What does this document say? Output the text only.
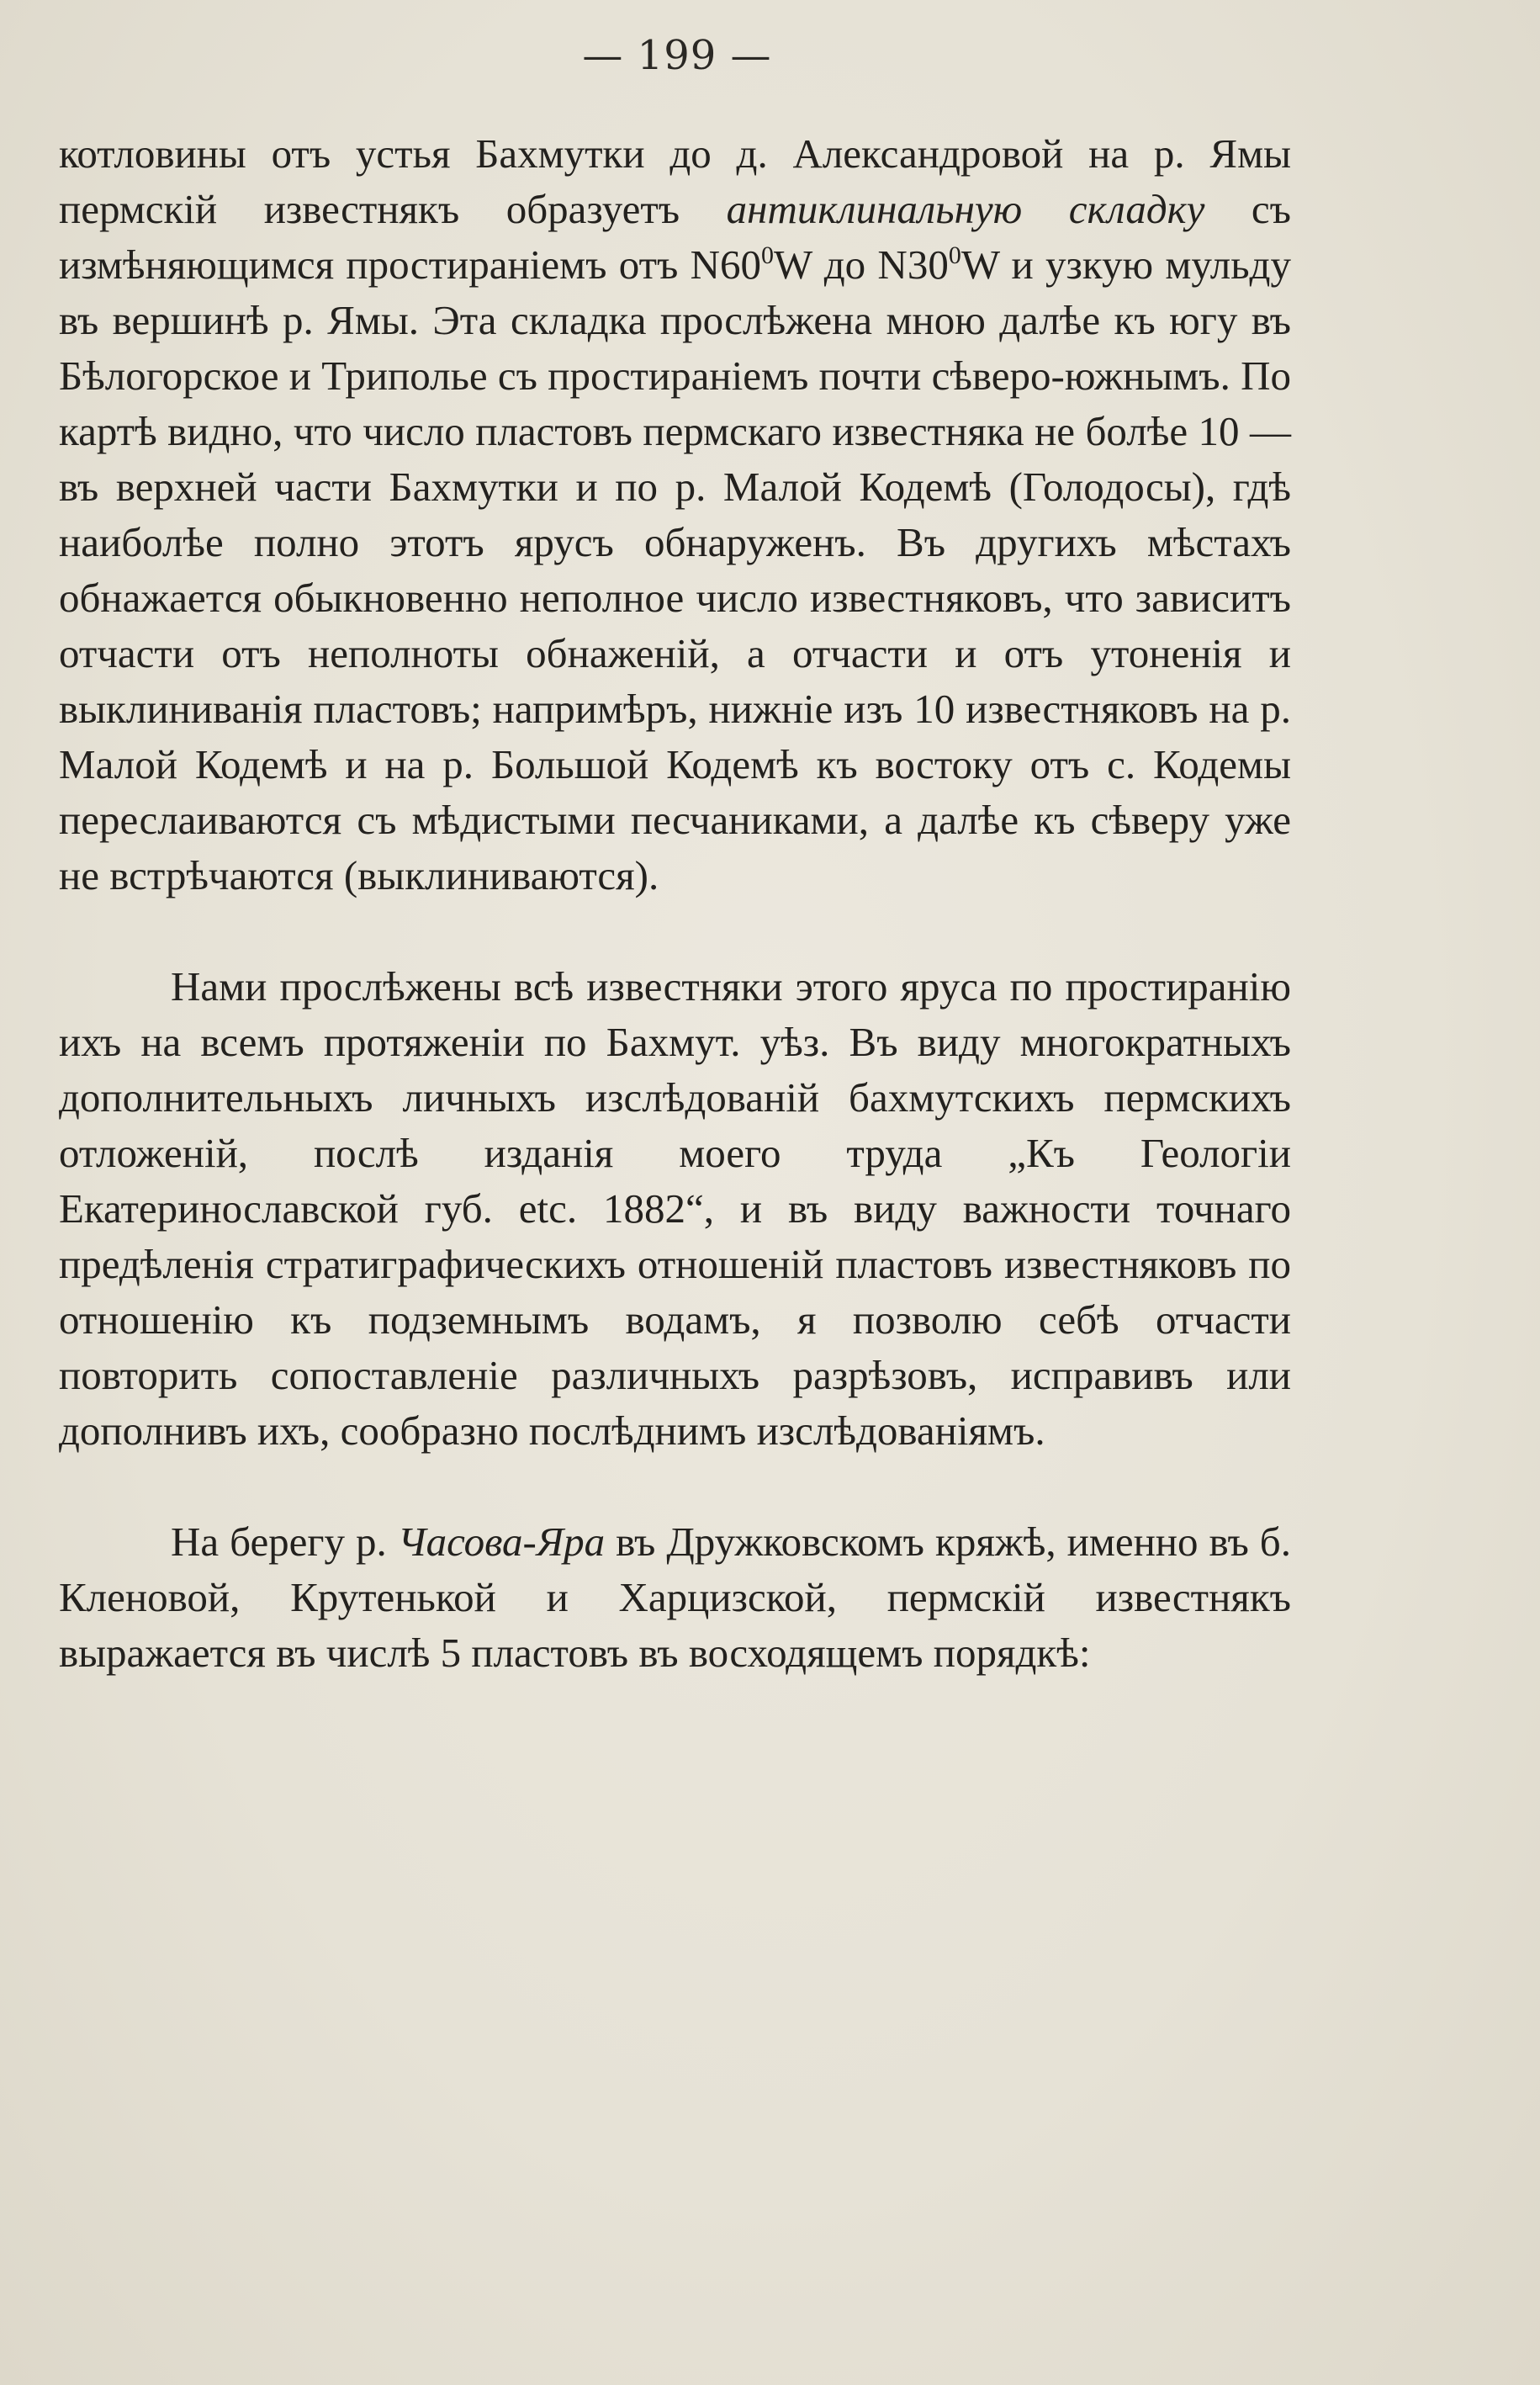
— 199 —

котловины отъ устья Бахмутки до д. Александровой на р. Ямы пермскій известнякъ образуетъ антиклинальную складку съ измѣняющимся простираніемъ отъ $N60^0W$ до $N30^0W$ и узкую мульду въ вершинѣ р. Ямы. Эта складка прослѣжена мною далѣе къ югу въ Бѣлогорское и Триполье съ простираніемъ почти сѣверо-южнымъ. По картѣ видно, что число пластовъ пермскаго известняка не болѣе 10 — въ верхней части Бахмутки и по р. Малой Кодемѣ (Голодосы), гдѣ наиболѣе полно этотъ ярусъ обнаруженъ. Въ другихъ мѣстахъ обнажается обыкновенно неполное число известняковъ, что зависитъ отчасти отъ неполноты обнаженій, а отчасти и отъ утоненія и выклиниванія пластовъ; напримѣръ, нижніе изъ 10 известняковъ на р. Малой Кодемѣ и на р. Большой Кодемѣ къ востоку отъ с. Кодемы переслаиваются съ мѣдистыми песчаниками, а далѣе къ сѣверу уже не встрѣчаются (выклиниваются).

Нами прослѣжены всѣ известняки этого яруса по простиранію ихъ на всемъ протяженіи по Бахмут. уѣз. Въ виду многократныхъ дополнительныхъ личныхъ изслѣдованій бахмутскихъ пермскихъ отложеній, послѣ изданія моего труда „Къ Геологіи Екатеринославской губ. etc. 1882“, и въ виду важности точнаго предѣленія стратиграфическихъ отношеній пластовъ известняковъ по отношенію къ подземнымъ водамъ, я позволю себѣ отчасти повторить сопоставленіе различныхъ разрѣзовъ, исправивъ или дополнивъ ихъ, сообразно послѣднимъ изслѣдованіямъ.

На берегу р. Часова-Яра въ Дружковскомъ кряжѣ, именно въ б. Кленовой, Крутенькой и Харцизской, пермскій известнякъ выражается въ числѣ 5 пластовъ въ восходящемъ порядкѣ:
